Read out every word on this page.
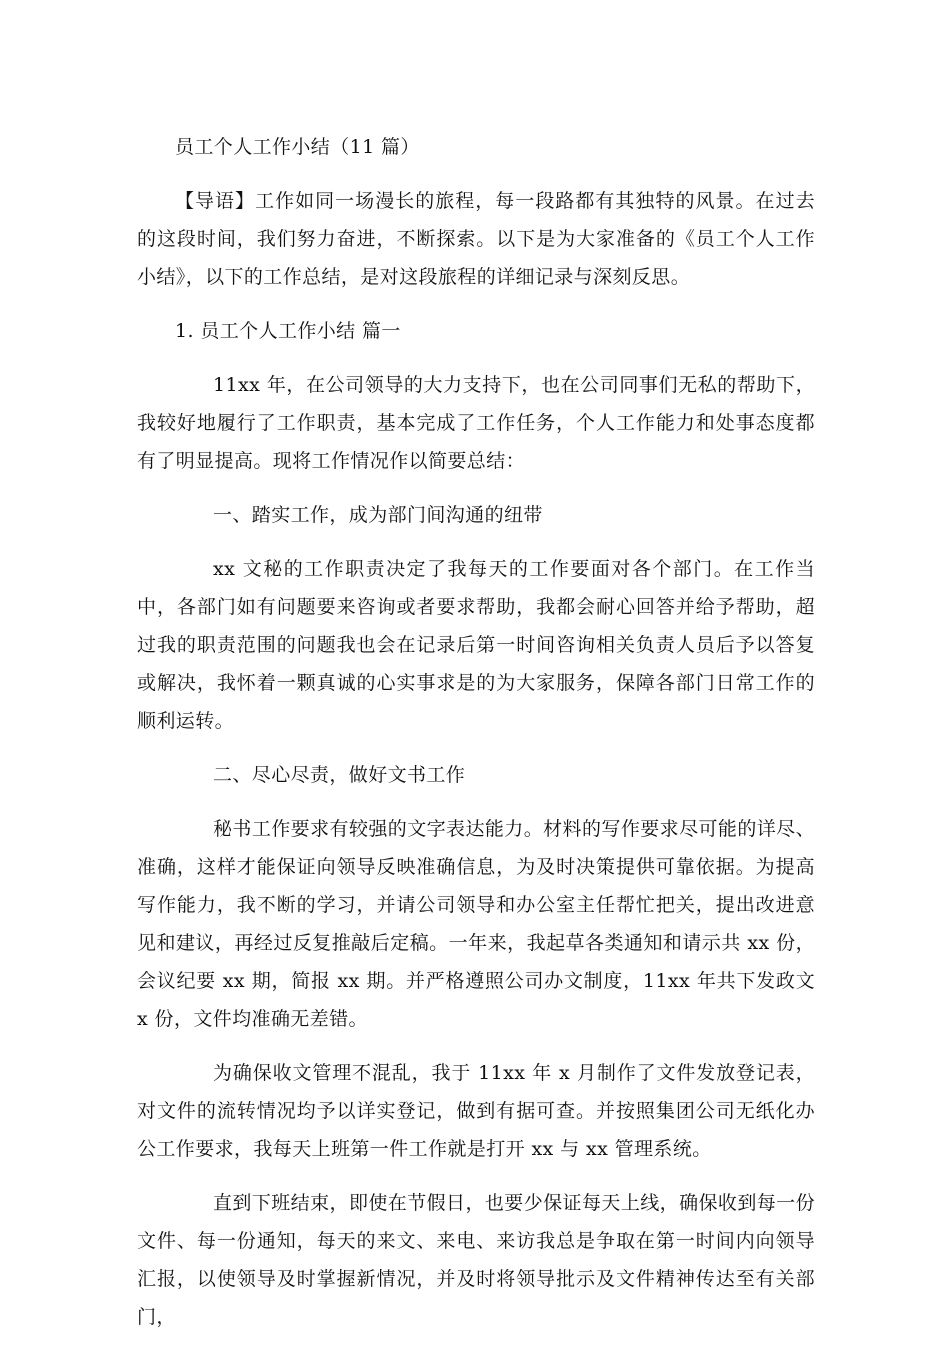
员工个人工作小结（11 篇）

【导语】工作如同一场漫长的旅程，每一段路都有其独特的风景。在过去的这段时间，我们努力奋进，不断探索。以下是为大家准备的《员工个人工作小结》，以下的工作总结，是对这段旅程的详细记录与深刻反思。

1. 员工个人工作小结 篇一

11xx 年，在公司领导的大力支持下，也在公司同事们无私的帮助下，我较好地履行了工作职责，基本完成了工作任务，个人工作能力和处事态度都有了明显提高。现将工作情况作以简要总结：

一、踏实工作，成为部门间沟通的纽带

xx 文秘的工作职责决定了我每天的工作要面对各个部门。在工作当中，各部门如有问题要来咨询或者要求帮助，我都会耐心回答并给予帮助，超过我的职责范围的问题我也会在记录后第一时间咨询相关负责人员后予以答复或解决，我怀着一颗真诚的心实事求是的为大家服务，保障各部门日常工作的顺利运转。

二、尽心尽责，做好文书工作

秘书工作要求有较强的文字表达能力。材料的写作要求尽可能的详尽、准确，这样才能保证向领导反映准确信息，为及时决策提供可靠依据。为提高写作能力，我不断的学习，并请公司领导和办公室主任帮忙把关，提出改进意见和建议，再经过反复推敲后定稿。一年来，我起草各类通知和请示共 xx 份，会议纪要 xx 期，简报 xx 期。并严格遵照公司办文制度，11xx 年共下发政文 x 份，文件均准确无差错。

为确保收文管理不混乱，我于 11xx 年 x 月制作了文件发放登记表，对文件的流转情况均予以详实登记，做到有据可查。并按照集团公司无纸化办公工作要求，我每天上班第一件工作就是打开 xx 与 xx 管理系统。

直到下班结束，即使在节假日，也要少保证每天上线，确保收到每一份文件、每一份通知，每天的来文、来电、来访我总是争取在第一时间内向领导汇报，以使领导及时掌握新情况，并及时将领导批示及文件精神传达至有关部门，
